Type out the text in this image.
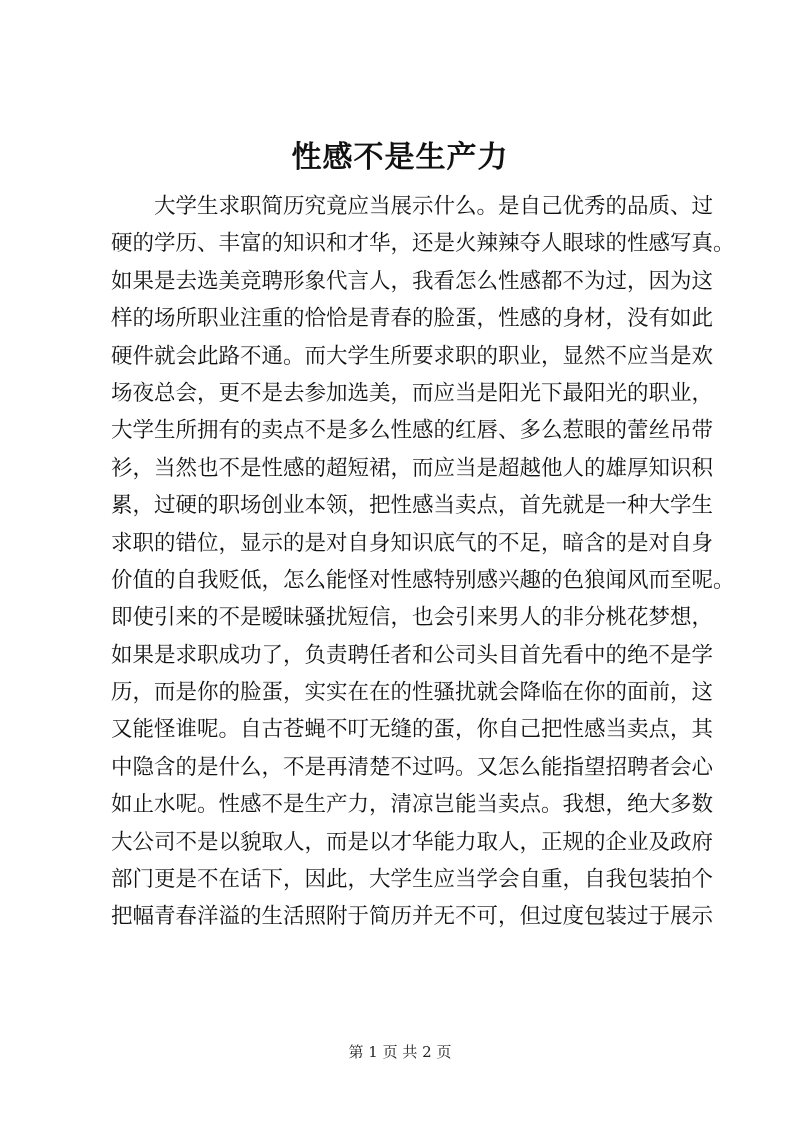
性感不是生产力
大学生求职简历究竟应当展示什么。是自己优秀的品质、过
硬的学历、丰富的知识和才华，还是火辣辣夺人眼球的性感写真。
如果是去选美竞聘形象代言人，我看怎么性感都不为过，因为这
样的场所职业注重的恰恰是青春的脸蛋，性感的身材，没有如此
硬件就会此路不通。而大学生所要求职的职业，显然不应当是欢
场夜总会，更不是去参加选美，而应当是阳光下最阳光的职业，
大学生所拥有的卖点不是多么性感的红唇、多么惹眼的蕾丝吊带
衫，当然也不是性感的超短裙，而应当是超越他人的雄厚知识积
累，过硬的职场创业本领，把性感当卖点，首先就是一种大学生
求职的错位，显示的是对自身知识底气的不足，暗含的是对自身
价值的自我贬低，怎么能怪对性感特别感兴趣的色狼闻风而至呢。
即使引来的不是暧昧骚扰短信，也会引来男人的非分桃花梦想，
如果是求职成功了，负责聘任者和公司头目首先看中的绝不是学
历，而是你的脸蛋，实实在在的性骚扰就会降临在你的面前，这
又能怪谁呢。自古苍蝇不叮无缝的蛋，你自己把性感当卖点，其
中隐含的是什么，不是再清楚不过吗。又怎么能指望招聘者会心
如止水呢。性感不是生产力，清凉岂能当卖点。我想，绝大多数
大公司不是以貌取人，而是以才华能力取人，正规的企业及政府
部门更是不在话下，因此，大学生应当学会自重，自我包装拍个
把幅青春洋溢的生活照附于简历并无不可，但过度包装过于展示
第 1 页 共 2 页
